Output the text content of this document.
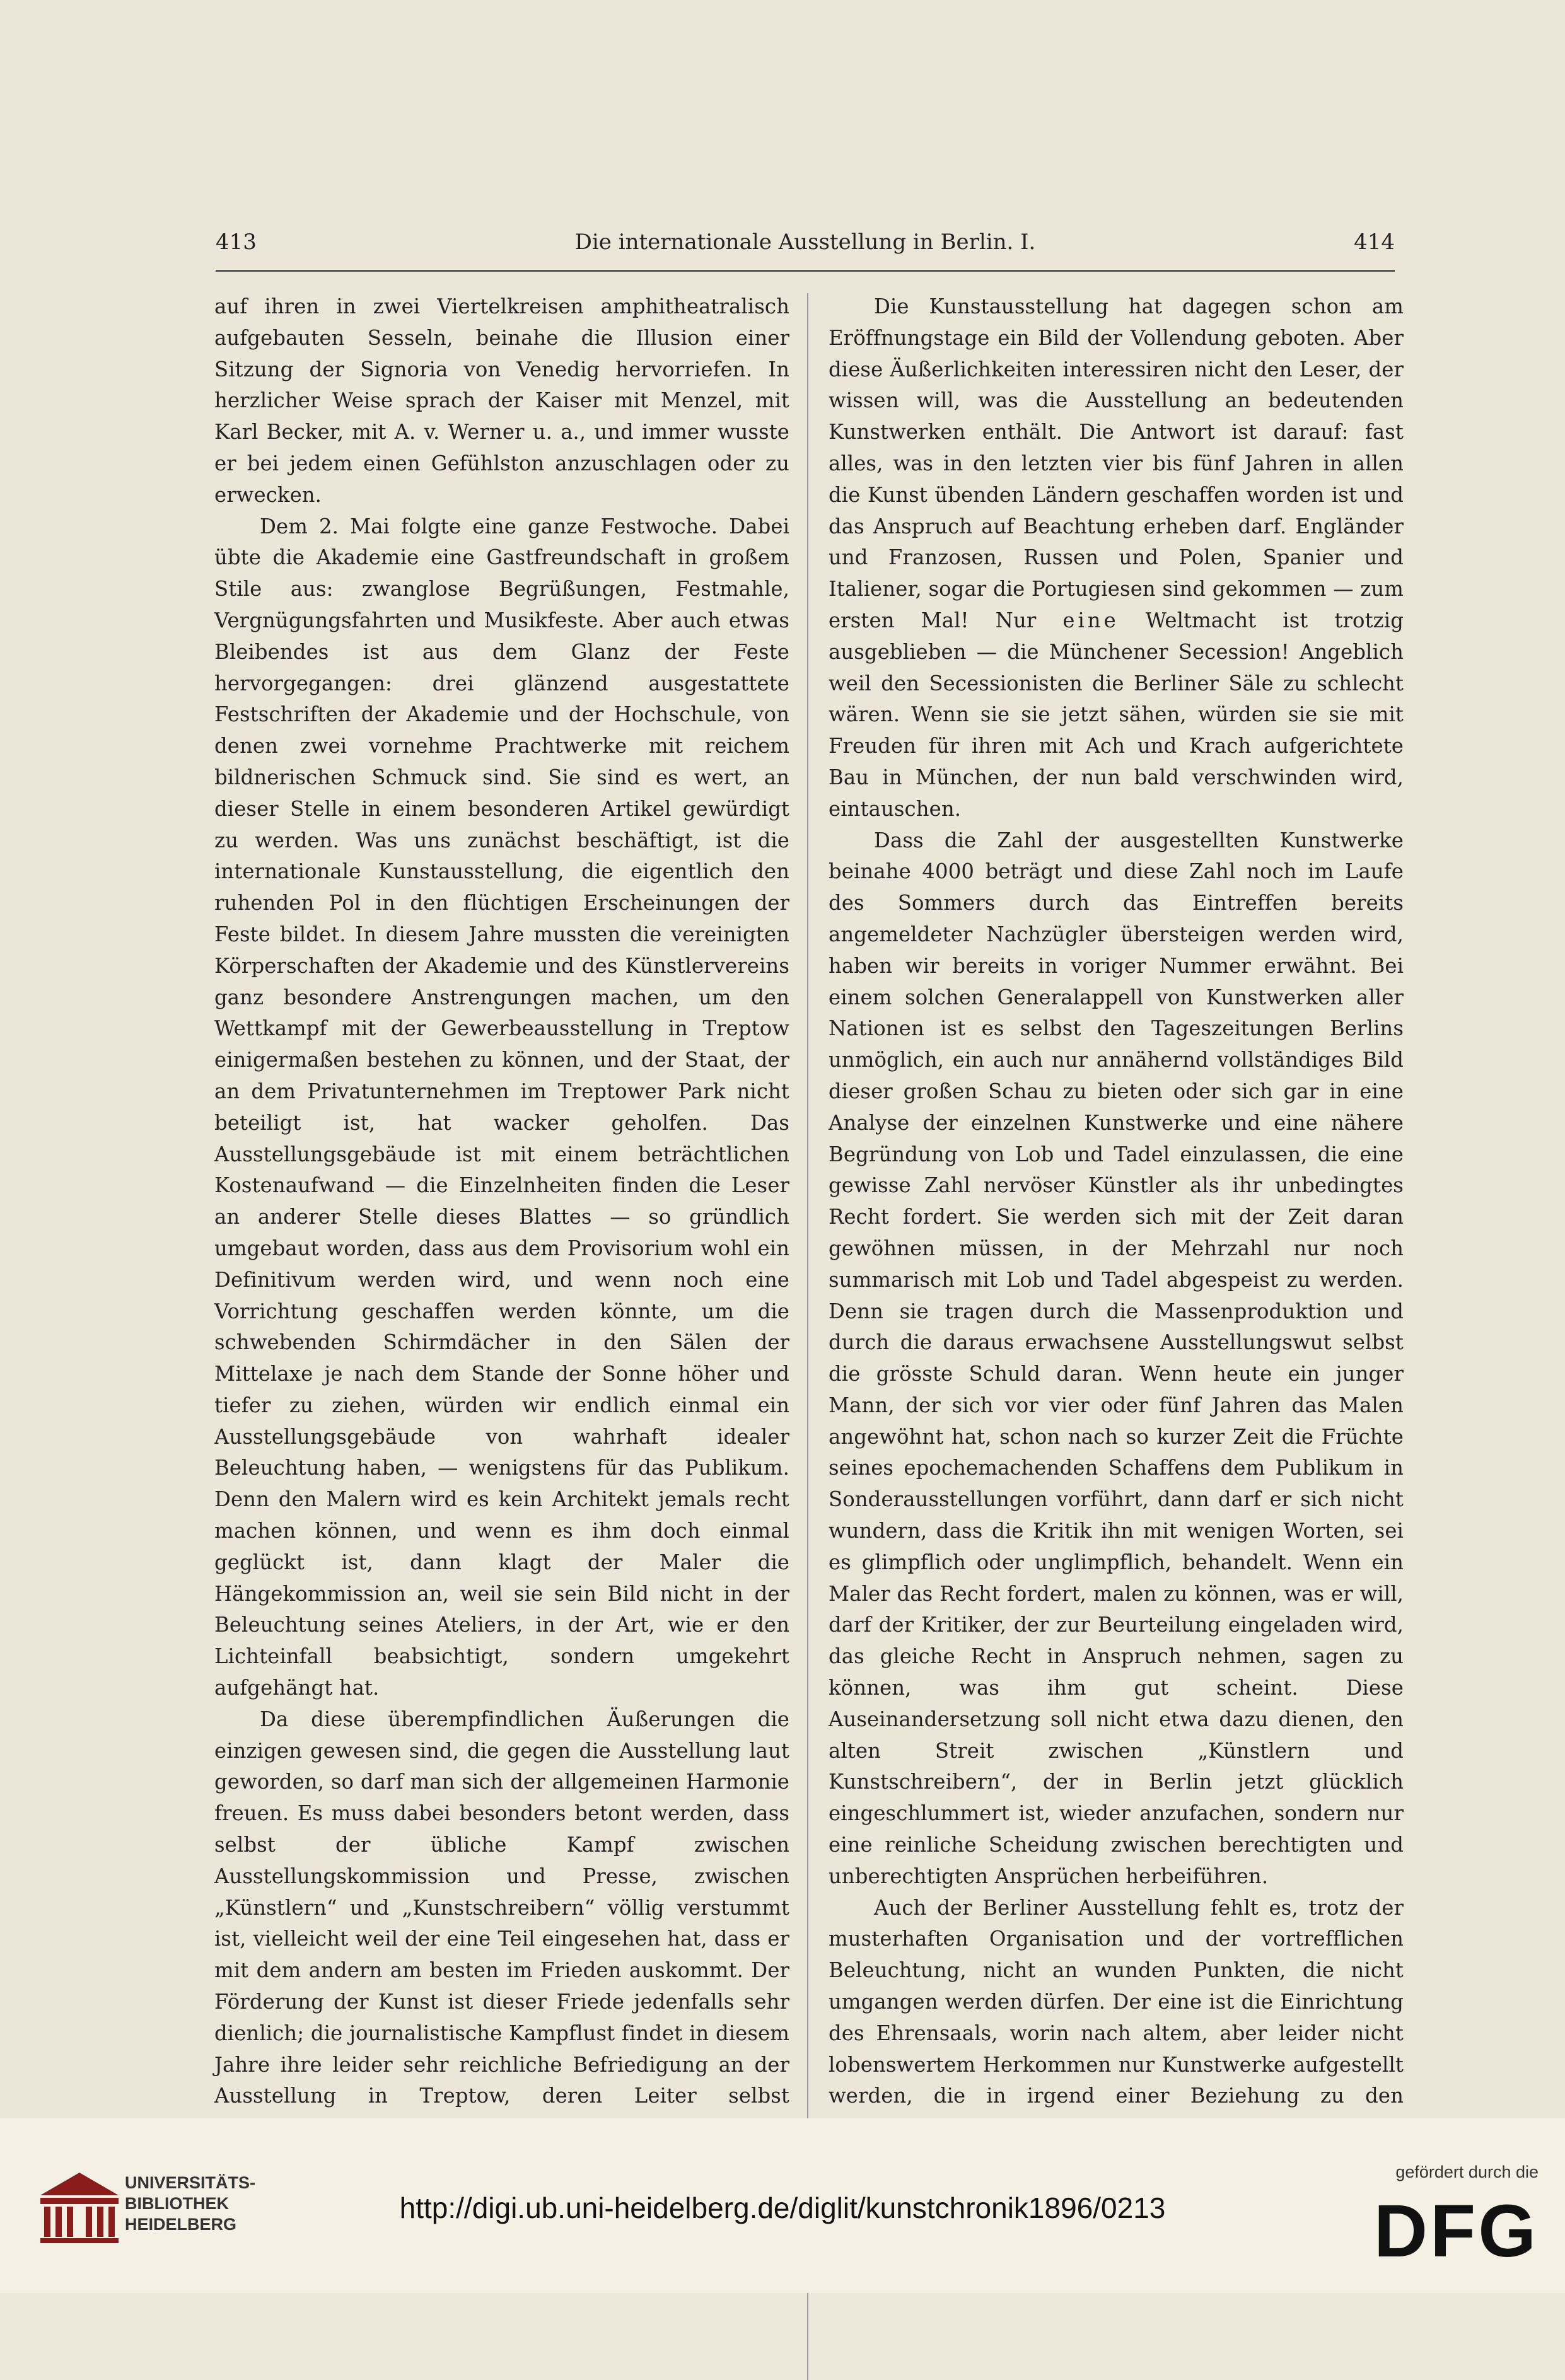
413	Die internationale Ausstellung in Berlin. I.	414

auf ihren in zwei Viertelkreisen amphitheatralisch aufgebauten Sesseln, beinahe die Illusion einer Sitzung der Signoria von Venedig hervorriefen. In herzlicher Weise sprach der Kaiser mit Menzel, mit Karl Becker, mit A. v. Werner u. a., und immer wusste er bei jedem einen Gefühlston anzuschlagen oder zu erwecken.

Dem 2. Mai folgte eine ganze Festwoche. Dabei übte die Akademie eine Gastfreundschaft in großem Stile aus: zwanglose Begrüßungen, Festmahle, Vergnügungsfahrten und Musikfeste. Aber auch etwas Bleibendes ist aus dem Glanz der Feste hervorgegangen: drei glänzend ausgestattete Festschriften der Akademie und der Hochschule, von denen zwei vornehme Prachtwerke mit reichem bildnerischen Schmuck sind. Sie sind es wert, an dieser Stelle in einem besonderen Artikel gewürdigt zu werden. Was uns zunächst beschäftigt, ist die internationale Kunstausstellung, die eigentlich den ruhenden Pol in den flüchtigen Erscheinungen der Feste bildet. In diesem Jahre mussten die vereinigten Körperschaften der Akademie und des Künstlervereins ganz besondere Anstrengungen machen, um den Wettkampf mit der Gewerbeausstellung in Treptow einigermaßen bestehen zu können, und der Staat, der an dem Privatunternehmen im Treptower Park nicht beteiligt ist, hat wacker geholfen. Das Ausstellungsgebäude ist mit einem beträchtlichen Kostenaufwand — die Einzelnheiten finden die Leser an anderer Stelle dieses Blattes — so gründlich umgebaut worden, dass aus dem Provisorium wohl ein Definitivum werden wird, und wenn noch eine Vorrichtung geschaffen werden könnte, um die schwebenden Schirmdächer in den Sälen der Mittelaxe je nach dem Stande der Sonne höher und tiefer zu ziehen, würden wir endlich einmal ein Ausstellungsgebäude von wahrhaft idealer Beleuchtung haben, — wenigstens für das Publikum. Denn den Malern wird es kein Architekt jemals recht machen können, und wenn es ihm doch einmal geglückt ist, dann klagt der Maler die Hängekommission an, weil sie sein Bild nicht in der Beleuchtung seines Ateliers, in der Art, wie er den Lichteinfall beabsichtigt, sondern umgekehrt aufgehängt hat.

Da diese überempfindlichen Äußerungen die einzigen gewesen sind, die gegen die Ausstellung laut geworden, so darf man sich der allgemeinen Harmonie freuen. Es muss dabei besonders betont werden, dass selbst der übliche Kampf zwischen Ausstellungskommission und Presse, zwischen „Künstlern“ und „Kunstschreibern“ völlig verstummt ist, vielleicht weil der eine Teil eingesehen hat, dass er mit dem andern am besten im Frieden auskommt. Der Förderung der Kunst ist dieser Friede jedenfalls sehr dienlich; die journalistische Kampflust findet in diesem Jahre ihre leider sehr reichliche Befriedigung an der Ausstellung in Treptow, deren Leiter selbst

Die Kunstausstellung hat dagegen schon am Eröffnungstage ein Bild der Vollendung geboten. Aber diese Äußerlichkeiten interessiren nicht den Leser, der wissen will, was die Ausstellung an bedeutenden Kunstwerken enthält. Die Antwort ist darauf: fast alles, was in den letzten vier bis fünf Jahren in allen die Kunst übenden Ländern geschaffen worden ist und das Anspruch auf Beachtung erheben darf. Engländer und Franzosen, Russen und Polen, Spanier und Italiener, sogar die Portugiesen sind gekommen — zum ersten Mal! Nur eine Weltmacht ist trotzig ausgeblieben — die Münchener Secession! Angeblich weil den Secessionisten die Berliner Säle zu schlecht wären. Wenn sie sie jetzt sähen, würden sie sie mit Freuden für ihren mit Ach und Krach aufgerichtete Bau in München, der nun bald verschwinden wird, eintauschen.

Dass die Zahl der ausgestellten Kunstwerke beinahe 4000 beträgt und diese Zahl noch im Laufe des Sommers durch das Eintreffen bereits angemeldeter Nachzügler übersteigen werden wird, haben wir bereits in voriger Nummer erwähnt. Bei einem solchen Generalappell von Kunstwerken aller Nationen ist es selbst den Tageszeitungen Berlins unmöglich, ein auch nur annähernd vollständiges Bild dieser großen Schau zu bieten oder sich gar in eine Analyse der einzelnen Kunstwerke und eine nähere Begründung von Lob und Tadel einzulassen, die eine gewisse Zahl nervöser Künstler als ihr unbedingtes Recht fordert. Sie werden sich mit der Zeit daran gewöhnen müssen, in der Mehrzahl nur noch summarisch mit Lob und Tadel abgespeist zu werden. Denn sie tragen durch die Massenproduktion und durch die daraus erwachsene Ausstellungswut selbst die grösste Schuld daran. Wenn heute ein junger Mann, der sich vor vier oder fünf Jahren das Malen angewöhnt hat, schon nach so kurzer Zeit die Früchte seines epochemachenden Schaffens dem Publikum in Sonderausstellungen vorführt, dann darf er sich nicht wundern, dass die Kritik ihn mit wenigen Worten, sei es glimpflich oder unglimpflich, behandelt. Wenn ein Maler das Recht fordert, malen zu können, was er will, darf der Kritiker, der zur Beurteilung eingeladen wird, das gleiche Recht in Anspruch nehmen, sagen zu können, was ihm gut scheint. Diese Auseinandersetzung soll nicht etwa dazu dienen, den alten Streit zwischen „Künstlern und Kunstschreibern“, der in Berlin jetzt glücklich eingeschlummert ist, wieder anzufachen, sondern nur eine reinliche Scheidung zwischen berechtigten und unberechtigten Ansprüchen herbeiführen.

Auch der Berliner Ausstellung fehlt es, trotz der musterhaften Organisation und der vortrefflichen Beleuchtung, nicht an wunden Punkten, die nicht umgangen werden dürfen. Der eine ist die Einrichtung des Ehrensaals, worin nach altem, aber leider nicht lobenswertem Herkommen nur Kunstwerke aufgestellt werden, die in irgend einer Beziehung zu den

UNIVERSITÄTS-
BIBLIOTHEK
HEIDELBERG	http://digi.ub.uni-heidelberg.de/diglit/kunstchronik1896/0213
gefördert durch die
DFG
